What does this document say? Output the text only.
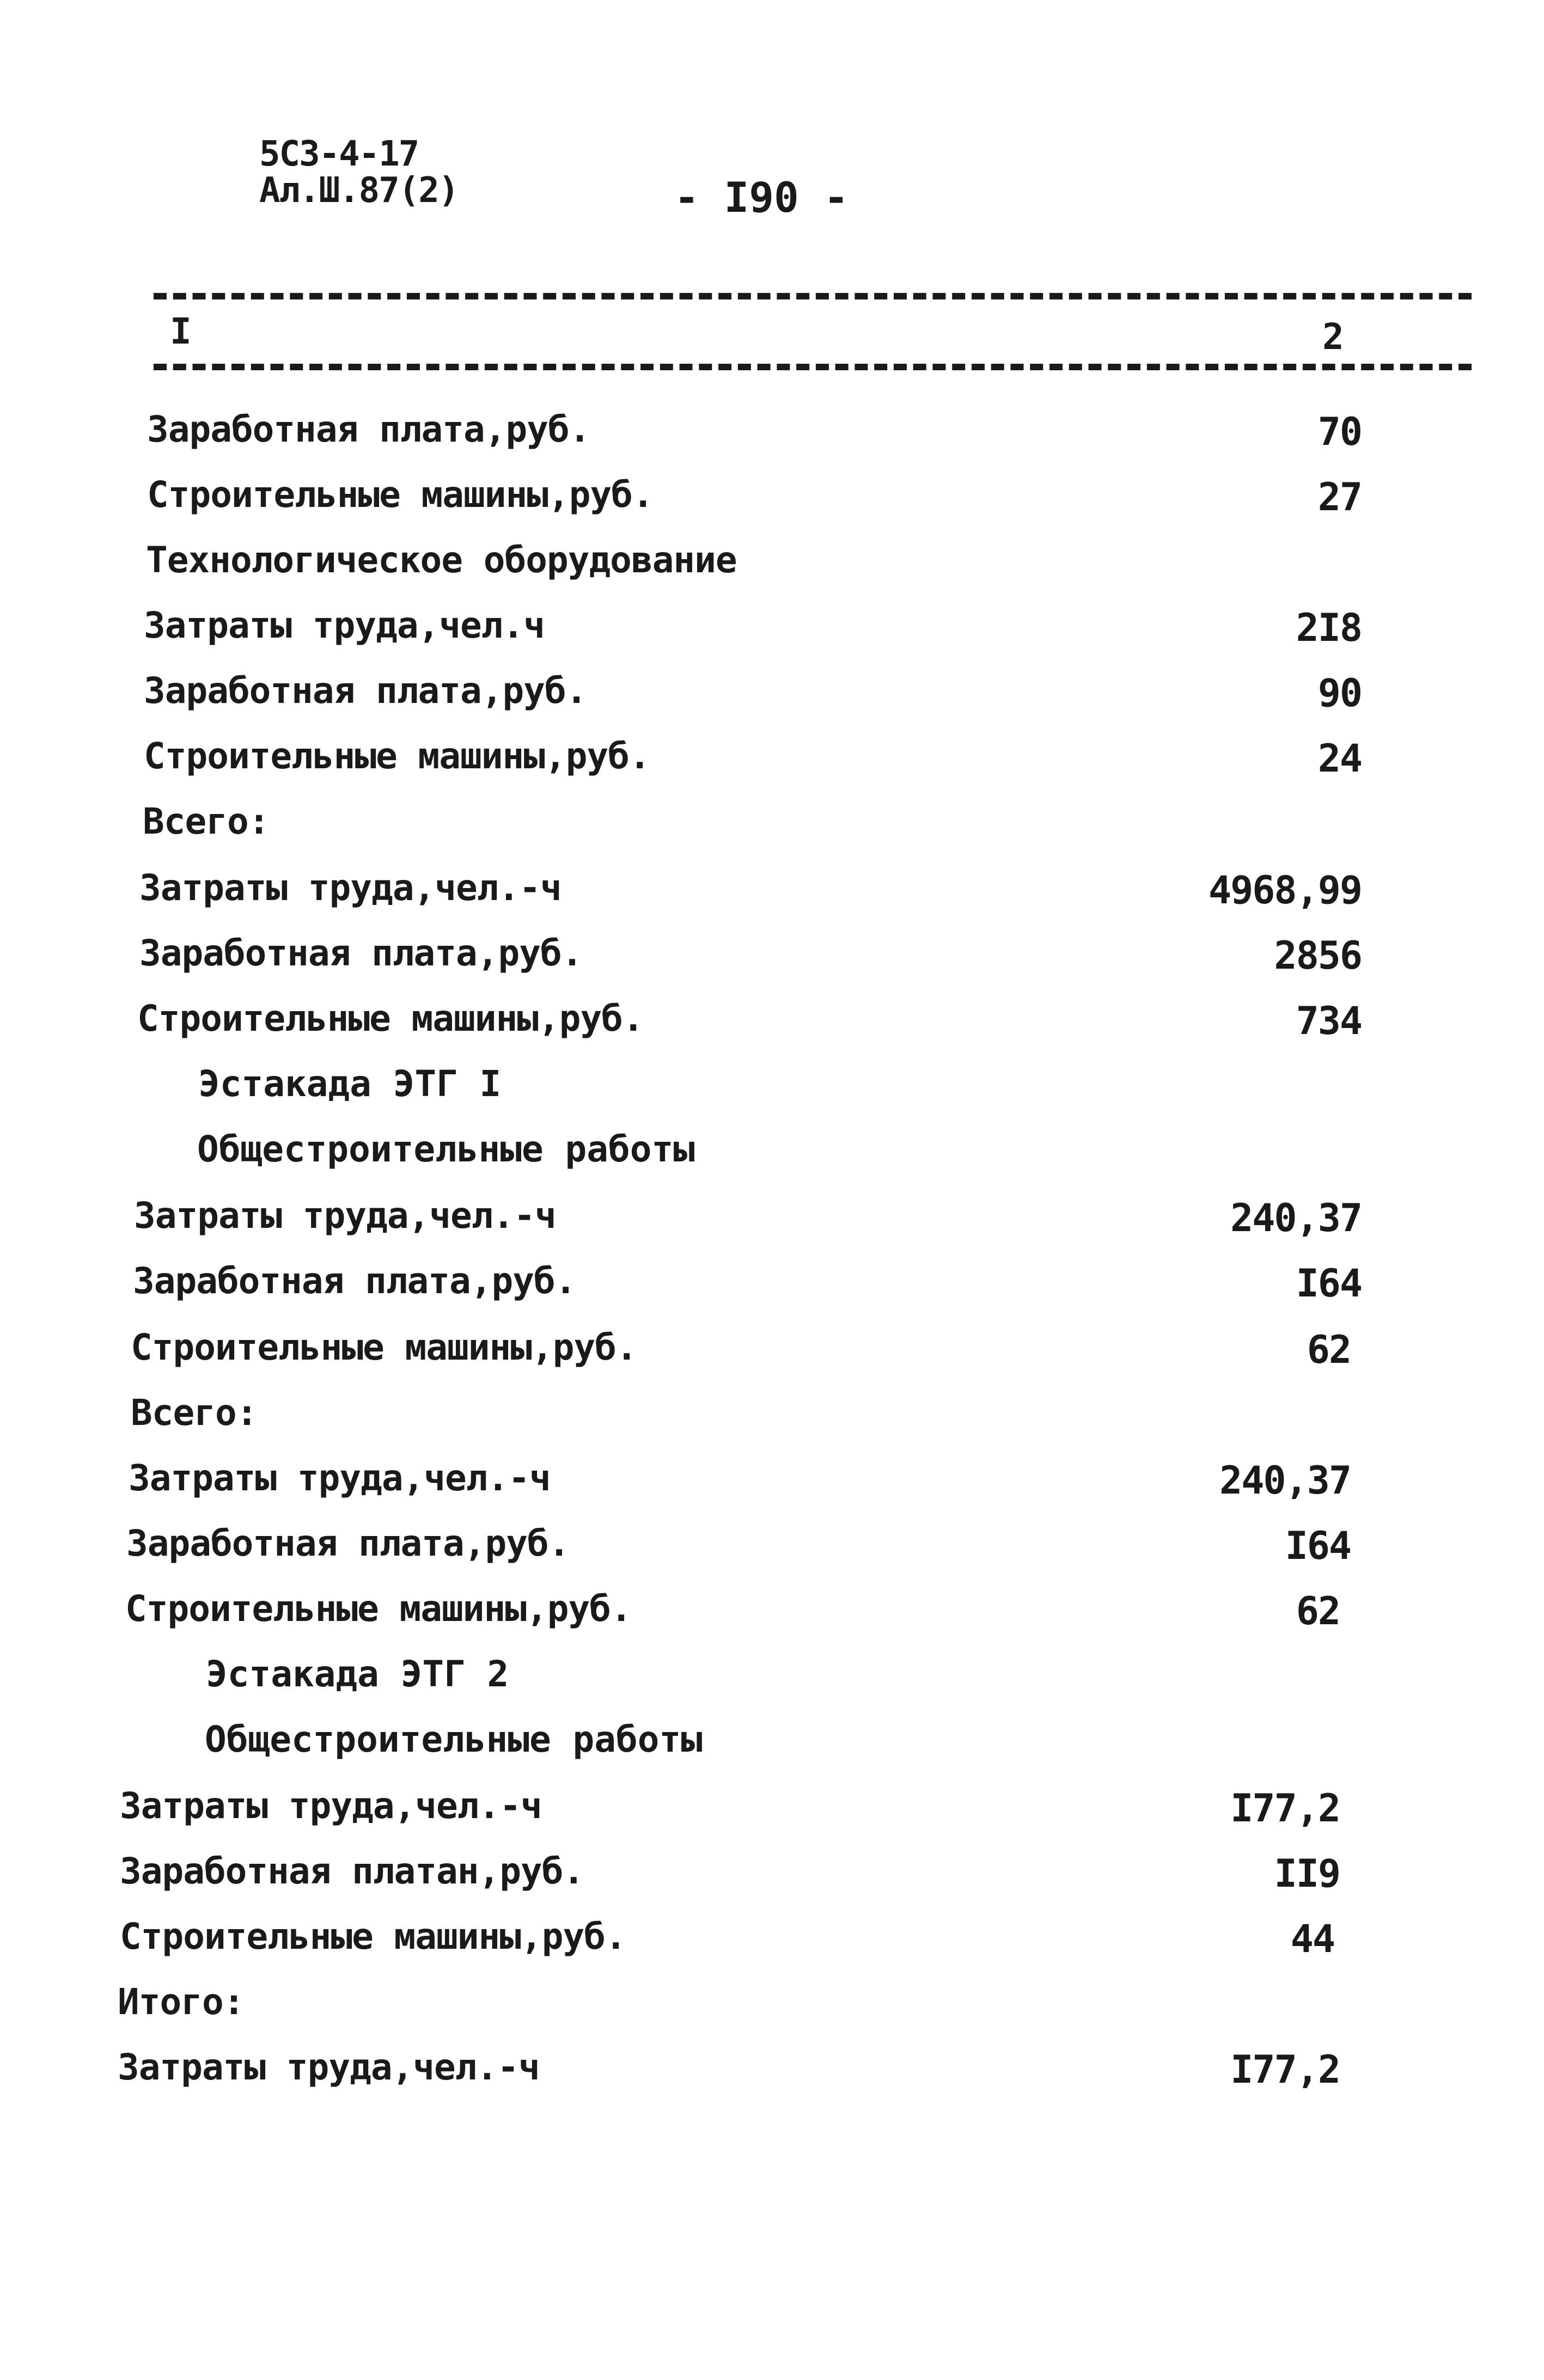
5С3-4-17
Ал.Ш.87(2)	- I90 -
I	2
Заработная плата,руб.	70
Строительные машины,руб.	27
Технологическое оборудование
Затраты труда,чел.ч	2I8
Заработная плата,руб.	90
Строительные машины,руб.	24
Всего:
Затраты труда,чел.-ч	4968,99
Заработная плата,руб.	2856
Строительные машины,руб.	734
Эстакада ЭТГ I
Общестроительные работы
Затраты труда,чел.-ч	240,37
Заработная плата,руб.	I64
Строительные машины,руб.	62
Всего:
Затраты труда,чел.-ч	240,37
Заработная плата,руб.	I64
Строительные машины,руб.	62
Эстакада ЭТГ 2
Общестроительные работы
Затраты труда,чел.-ч	I77,2
Заработная платан,руб.	II9
Строительные машины,руб.	44
Итого:
Затраты труда,чел.-ч	I77,2
